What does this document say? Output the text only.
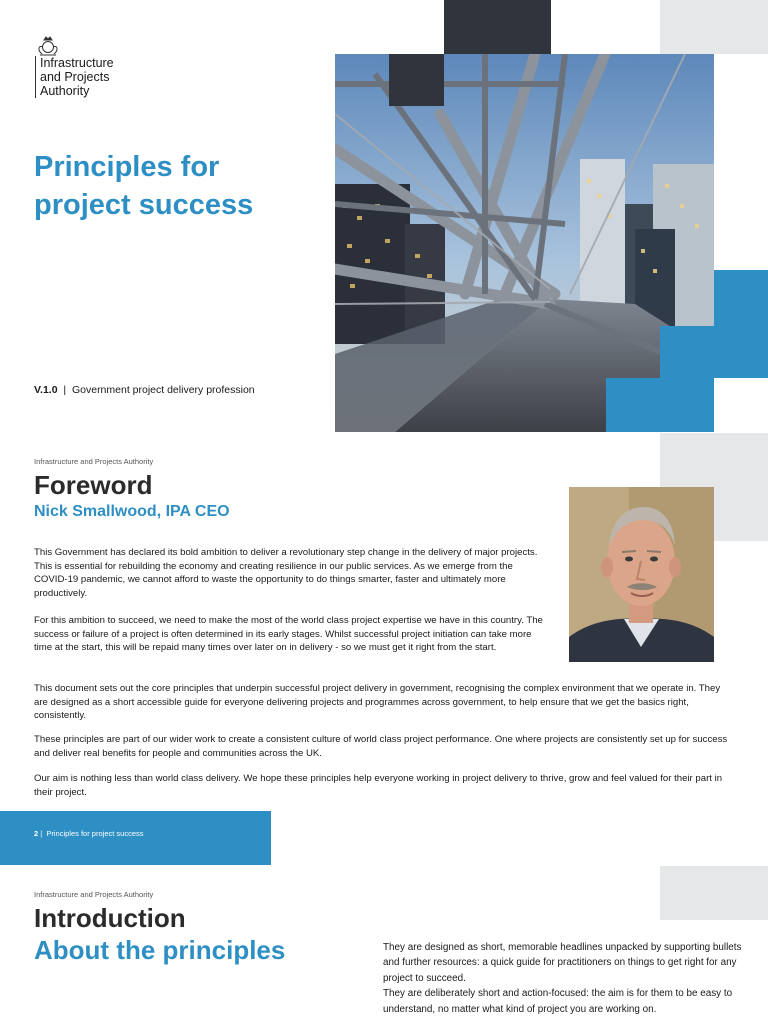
Infrastructure
and Projects
Authority
Principles for
project success
V.1.0  |  Government project delivery profession
Infrastructure and Projects Authority
Foreword
Nick Smallwood, IPA CEO
This Government has declared its bold ambition to deliver a revolutionary step change in the delivery of major projects. This is essential for rebuilding the economy and creating resilience in our public services. As we emerge from the COVID-19 pandemic, we cannot afford to waste the opportunity to do things smarter, faster and ultimately more productively.
For this ambition to succeed, we need to make the most of the world class project expertise we have in this country. The success or failure of a project is often determined in its early stages. Whilst successful project initiation can take more time at the start, this will be repaid many times over later on in delivery - so we must get it right from the start.
This document sets out the core principles that underpin successful project delivery in government, recognising the complex environment that we operate in. They are designed as a short accessible guide for everyone delivering projects and programmes across government, to help ensure that we get the basics right, consistently.
These principles are part of our wider work to create a consistent culture of world class project performance. One where projects are consistently set up for success and deliver real benefits for people and communities across the UK.
Our aim is nothing less than world class delivery. We hope these principles help everyone working in project delivery to thrive, grow and feel valued for their part in their project.
2 |  Principles for project success
Infrastructure and Projects Authority
Introduction
About the principles	They are designed as short, memorable headlines unpacked by supporting bullets and further resources: a quick guide for practitioners on things to get right for any project to succeed.

They are deliberately short and action-focused: the aim is for them to be easy to understand, no matter what kind of project you are working on.
